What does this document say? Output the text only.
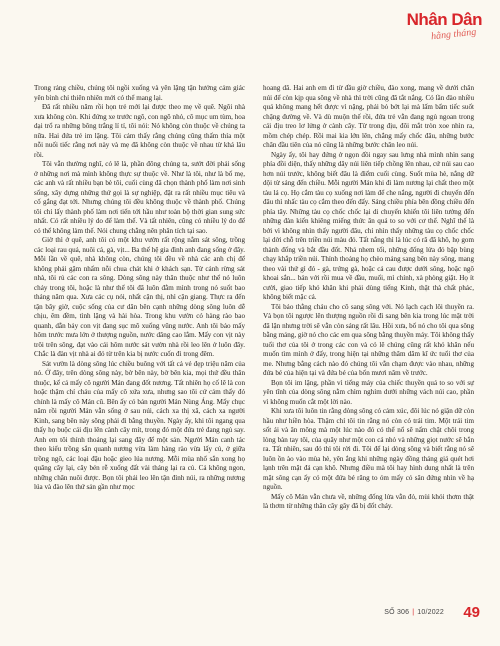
Nhân Dân
hằng tháng

Trong rảng chiều, chúng tôi ngồi xuống và yên lặng tận hưởng cảm giác yên bình chỉ thiên nhiên mới có thể mang lại.

Đã rất nhiều năm rồi họn trẻ mới lại được theo mẹ về quê. Ngôi nhà xưa không còn. Khi đứng xe trước ngõ, con ngõ nhỏ, cô mục um tùm, hoa dại trổ ra những bông trắng lí tí, tôi nói: Nó không còn thuộc về chúng ta nữa. Hai đứa trẻ im lặng. Tôi cảm thấy rằng chúng cũng thấm thía một nỗi nuối tiếc rằng nơi này và mẹ đã không còn thuộc về nhau từ khá lâu rồi.

Tôi vẫn thường nghĩ, có lẽ là, phần đông chúng ta, sướt đời phải sống ở những nơi mà mình không thực sự thuộc về. Như là tôi, như là bố mẹ, các anh và rất nhiều bạn bè tôi, cuối cùng đã chọn thành phố làm nơi sinh sống, xây dựng những thứ gọi là sự nghiệp, đặt ra rất nhiều mục tiêu và cố gắng đạt tới. Nhưng chúng tôi đều không thuộc về thành phố. Chúng tôi chỉ lấy thành phố làm nơi tiến tới hầu như toàn bộ thời gian sung sức nhất. Có rất nhiều lý do để làm thế. Và tất nhiên, cũng có nhiều lý do để có thể không làm thế. Nói chung chẳng nên phân tích tại sao.

Giờ thì ở quê, anh tôi có một khu vườn rất rộng nằm sát sông, trồng các loại rau quả, nuôi cá, gà, vịt... Ba thế hệ gia đình anh đang sống ở đây. Mỗi lần về quê, nhà không còn, chúng tôi đều về nhà các anh chị để không phải gặm nhấm nỗi chua chát khi ở khách sạn. Từ cảnh rừng sát nhà, tôi rủ các con ra sông. Dòng sông này thân thuộc như thể nó luôn chảy trong tôi, hoặc là như thể tôi đã luôn đằm mình trong nó suốt bao tháng năm qua. Xưa các cụ nói, nhất cận thị, nhì cận giang. Thực ra đến tận bây giờ, cuộc sống của cư dân bên cạnh những dòng sông luôn dễ chịu, êm đềm, tình lặng và hài hòa. Trong khu vườn có hàng rào bao quanh, dẫn bảy con vịt đang sục mõ xuống vũng nước. Anh tôi bảo mấy hôm trước mưa lớn ở thượng nguồn, nước dâng cao lắm. Mấy con vịt này trôi trên sông, đạt vào cái hôm nước sát vườn nhà rồi leo lên ở luôn đây. Chắc là đàn vịt nhà ai đó từ trên kia bị nước cuốn đi trong đêm.

Sát vườn là dòng sông lúc chiều buông với tất cả vẻ đẹp triệu năm của nó. Ở đây, trên dòng sông này, bờ bên này, bờ bên kia, mọi thứ đều thân thuộc, kể cả mấy cô người Mán đang đốt nương. Tất nhiên họ cố lẽ là con hoặc thậm chí cháu của mấy cô xứa xưa, nhưng sao tôi cứ cảm thấy đó chính là mấy cô Mán cũ. Bên ấy có bản người Mán Nùng Áng. Mấy chục năm rồi người Mán vẫn sống ở sau núi, cách xa thị xã, cách xa người Kinh, sang bên này sông phải đi bằng thuyền. Ngày ấy, khi tôi ngang qua thấy họ buộc cái địu lên cành cây mít, trong đó một đứa trẻ đang ngủ say. Anh em tôi thỉnh thoảng lại sang đây để một sản. Người Mán canh tác theo kiểu trồng sắn quanh nương vừa làm hàng rào vừa lấy củ, ở giữa trồng ngô, các loại đậu hoặc gieo lúa nương. Mỗi mùa nhổ sắn xong họ quăng cây lại, cây bén rễ xuống đất vài tháng lại ra củ. Cả không ngon, những chăn nuôi được. Bọn tôi phải leo lên tận đỉnh núi, ra những nương lúa và đào lên thứ sản gần như mọc

hoang dã. Hai anh em đi từ đầu giờ chiều, đào xong, mang về dưới chân núi để còn kịp qua sông về nhà thì trời cũng đã tắt nắng. Có lần đào nhiều quá không mang hết được vì nặng, phải bỏ bớt lại mà lấm bẩm tiếc suốt chặng đường về. Và dù muộn thế rồi, đứa trẻ vẫn đang ngủ ngoan trong cái địu treo lơ lửng ở cành cây. Từ trong địu, đôi mắt tròn xoe nhìn ra, mồm chép chép. Rồi mai kia lớn lên, chẳng mấy chốc đâu, những bước chân đầu tiên của nó cũng là những bước chân leo núi.

Ngày ấy, tôi hay đứng ở ngọn đồi ngay sau lưng nhà mình nhìn sang phía đồi diện, thấy những dãy núi liên tiếp chồng lên nhau, cứ núi sau cao hơn núi trước, không biết đâu là điểm cuối cùng. Suốt mùa hè, nắng dữ dội từ sáng đến chiều. Mỗi người Mán khi đi làm nương lại chất theo một tàu lá cọ. Họ cắm tàu cọ xuống nơi làm để che nắng, người đi chuyến đến đâu thì nhấc tàu cọ cắm theo đến đấy. Sáng chiều phía bên đồng chiều đến phía tây. Những tàu cọ chốc chốc lại di chuyển khiến tôi liên tưởng đến những đàn kiến khiêng miếng thức ăn quá to so với cơ thể. Nghĩ thế là bởi vì không nhìn thấy người đâu, chỉ nhìn thấy những tàu cọ chốc chốc lại dời chỗ trên triền núi màu đỏ. Tất nắng thì là lúc có rã đã khô, họ gom thành đống và bắt đầu đốt. Nhả nhem tối, những đống lửa đỏ bập bùng chạy khắp triền núi. Thỉnh thoảng họ chèo mảng sang bên này sông, mang theo vài thứ gì đó - gà, trứng gà, hoặc cả cau được dưới sông, hoặc ngô khoai sắn... bán với rồi mua về đầu, muối, mì chính, xà phòng giặt. Họ ít cười, giao tiếp khó khăn khi phải dùng tiếng Kinh, thật thà chất phác, không biết mặc cả.

Tôi bảo thằng cháu cho cô sang sông với. Nó lạch cạch lôi thuyền ra. Và bọn tôi ngược lên thượng nguồn rồi đi sang bên kia trong lúc mặt trời đã lặn nhưng trời sẽ vẫn còn sáng rất lâu. Hồi xưa, bố nó cho tôi qua sông bằng mảng, giờ nó cho các em qua sông bằng thuyền máy. Tôi không thấy tuổi thơ của tôi ở trong các con và có lẽ chúng cũng rất khó khăn nếu muốn tìm mình ở đấy, trong hiện tại những thăm dăm kĩ ức tuổi thơ của me. Nhưng bằng cách nào đó chúng tôi vẫn chạm được vào nhau, những đứa bé của hiện tại và đứa bé của bốn mươi năm về trước.

Bọn tôi im lặng, phần vì tiếng máy của chiếc thuyền quá to so với sự yên tĩnh của dòng sông nằm chìm nghỉm dưới những vách núi cao, phần vì không muốn cắt một lời nào.

Khi xưa tôi luôn tin rằng dòng sông có cảm xúc, đôi lúc nó giận dữ còn hầu như hiền hòa. Thậm chí tôi tin rằng nó còn có trái tim. Một trái tim sốt ái và ân mông mà một lúc nào đó có thể nổ sẽ nấm chặt chôi trong lòng bàn tay tôi, của quãy như một con cá nhỏ và những giọt nước sẽ bắn ra. Tất nhiên, sau đó thì tôi rời đi. Tôi để lại dòng sông và biết rằng nó sẽ luôn ồn ào vào mùa hè, yên ắng khi những ngày đồng tháng giá quét hơi lạnh trên mặt đá cạn khô. Nhưng điều mà tôi hay hình dung nhất là trên mặt sông cạn ấy có một đứa bé răng to óm mấy cỏ sân đứng nhìn về hạ nguồn.

Mấy cô Mán vẫn chưa về, những đống lửa vẫn đỏ, mùi khói thơm thật là thơm từ những thân cây gây đã bị đốt cháy.

SỐ 306 | 10/2022 49
